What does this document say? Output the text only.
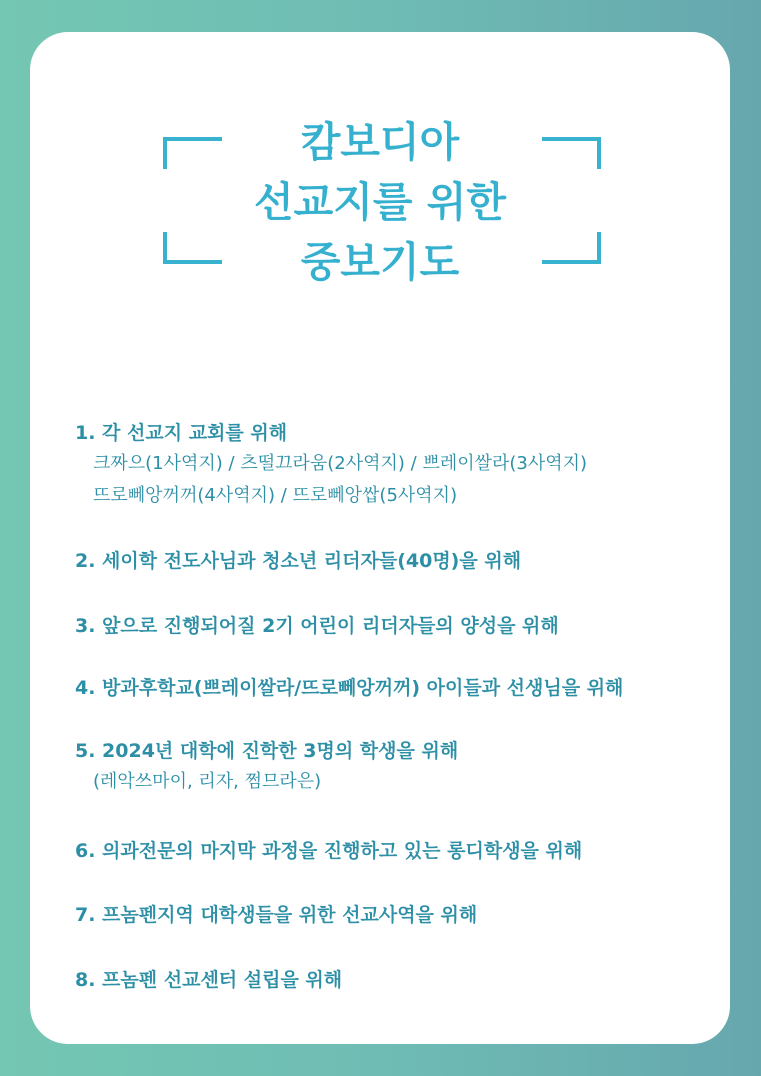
캄보디아
선교지를 위한
중보기도
1. 각 선교지 교회를 위해
크짜으(1사역지) / 츠떨끄라움(2사역지) / 쁘레이쌀라(3사역지)
뜨로뻬앙꺼꺼(4사역지) / 뜨로뻬앙쌉(5사역지)
2. 세이학 전도사님과 청소년 리더자들(40명)을 위해
3. 앞으로 진행되어질 2기 어린이 리더자들의 양성을 위해
4. 방과후학교(쁘레이쌀라/뜨로뻬앙꺼꺼) 아이들과 선생님을 위해
5. 2024년 대학에 진학한 3명의 학생을 위해
(레악쓰마이, 리자, 쩜므라은)
6. 의과전문의 마지막 과정을 진행하고 있는 롱디학생을 위해
7. 프놈펜지역 대학생들을 위한 선교사역을 위해
8. 프놈펜 선교센터 설립을 위해
